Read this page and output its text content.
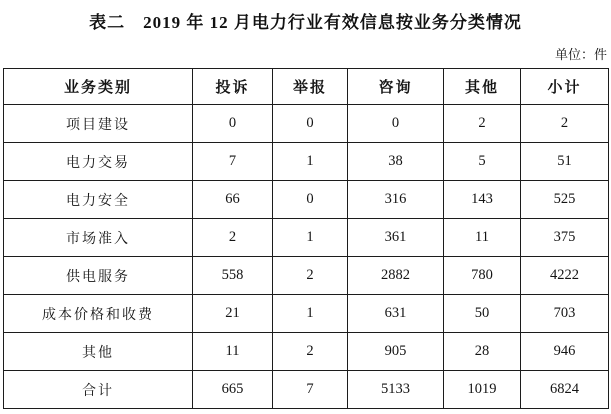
表二　2019 年 12 月电力行业有效信息按业务分类情况
单位：件
业务类别	投诉	举报	咨询	其他	小计
项目建设	0	0	0	2	2
电力交易	7	1	38	5	51
电力安全	66	0	316	143	525
市场准入	2	1	361	11	375
供电服务	558	2	2882	780	4222
成本价格和收费	21	1	631	50	703
其他	11	2	905	28	946
合计	665	7	5133	1019	6824
